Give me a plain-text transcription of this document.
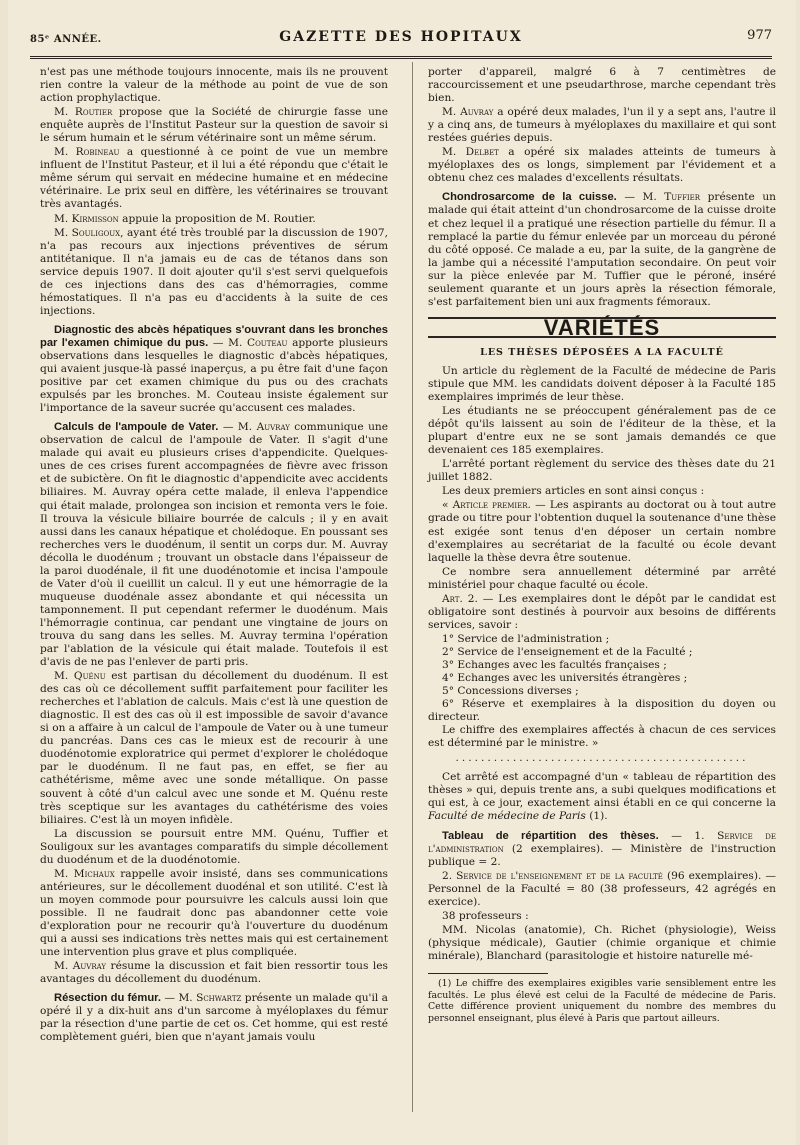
85ᵉ ANNÉE.	GAZETTE DES HOPITAUX	977

n'est pas une méthode toujours innocente, mais ils ne prouvent rien contre la valeur de la méthode au point de vue de son action prophylactique.

M. Routier propose que la Société de chirurgie fasse une enquête auprès de l'Institut Pasteur sur la question de savoir si le sérum humain et le sérum vétérinaire sont un même sérum.

M. Robineau a questionné à ce point de vue un membre influent de l'Institut Pasteur, et il lui a été répondu que c'était le même sérum qui servait en médecine humaine et en médecine vétérinaire. Le prix seul en diffère, les vétérinaires se trouvant très avantagés.

M. Kirmisson appuie la proposition de M. Routier.

M. Souligoux, ayant été très troublé par la discussion de 1907, n'a pas recours aux injections préventives de sérum antitétanique. Il n'a jamais eu de cas de tétanos dans son service depuis 1907. Il doit ajouter qu'il s'est servi quelquefois de ces injections dans des cas d'hémorragies, comme hémostatiques. Il n'a pas eu d'accidents à la suite de ces injections.

Diagnostic des abcès hépatiques s'ouvrant dans les bronches par l'examen chimique du pus. — M. Couteau apporte plusieurs observations dans lesquelles le diagnostic d'abcès hépatiques, qui avaient jusque-là passé inaperçus, a pu être fait d'une façon positive par cet examen chimique du pus ou des crachats expulsés par les bronches. M. Couteau insiste également sur l'importance de la saveur sucrée qu'accusent ces malades.

Calculs de l'ampoule de Vater. — M. Auvray communique une observation de calcul de l'ampoule de Vater. Il s'agit d'une malade qui avait eu plusieurs crises d'appendicite. Quelques-unes de ces crises furent accompagnées de fièvre avec frisson et de subictère. On fit le diagnostic d'appendicite avec accidents biliaires. M. Auvray opéra cette malade, il enleva l'appendice qui était malade, prolongea son incision et remonta vers le foie. Il trouva la vésicule biliaire bourrée de calculs ; il y en avait aussi dans les canaux hépatique et cholédoque. En poussant ses recherches vers le duodénum, il sentit un corps dur. M. Auvray décolla le duodénum ; trouvant un obstacle dans l'épaisseur de la paroi duodénale, il fit une duodénotomie et incisa l'ampoule de Vater d'où il cueillit un calcul. Il y eut une hémorragie de la muqueuse duodénale assez abondante et qui nécessita un tamponnement. Il put cependant refermer le duodénum. Mais l'hémorragie continua, car pendant une vingtaine de jours on trouva du sang dans les selles. M. Auvray termina l'opération par l'ablation de la vésicule qui était malade. Toutefois il est d'avis de ne pas l'enlever de parti pris.

M. Quénu est partisan du décollement du duodénum. Il est des cas où ce décollement suffit parfaitement pour faciliter les recherches et l'ablation de calculs. Mais c'est là une question de diagnostic. Il est des cas où il est impossible de savoir d'avance si on a affaire à un calcul de l'ampoule de Vater ou à une tumeur du pancréas. Dans ces cas le mieux est de recourir à une duodénotomie exploratrice qui permet d'explorer le cholédoque par le duodénum. Il ne faut pas, en effet, se fier au cathétérisme, même avec une sonde métallique. On passe souvent à côté d'un calcul avec une sonde et M. Quénu reste très sceptique sur les avantages du cathétérisme des voies biliaires. C'est là un moyen infidèle.

La discussion se poursuit entre MM. Quénu, Tuffier et Souligoux sur les avantages comparatifs du simple décollement du duodénum et de la duodénotomie.

M. Michaux rappelle avoir insisté, dans ses communications antérieures, sur le décollement duodénal et son utilité. C'est là un moyen commode pour poursuivre les calculs aussi loin que possible. Il ne faudrait donc pas abandonner cette voie d'exploration pour ne recourir qu'à l'ouverture du duodénum qui a aussi ses indications très nettes mais qui est certainement une intervention plus grave et plus compliquée.

M. Auvray résume la discussion et fait bien ressortir tous les avantages du décollement du duodénum.

Résection du fémur. — M. Schwartz présente un malade qu'il a opéré il y a dix-huit ans d'un sarcome à myéloplaxes du fémur par la résection d'une partie de cet os. Cet homme, qui est resté complètement guéri, bien que n'ayant jamais voulu

porter d'appareil, malgré 6 à 7 centimètres de raccourcissement et une pseudarthrose, marche cependant très bien.

M. Auvray a opéré deux malades, l'un il y a sept ans, l'autre il y a cinq ans, de tumeurs à myéloplaxes du maxillaire et qui sont restées guéries depuis.

M. Delbet a opéré six malades atteints de tumeurs à myéloplaxes des os longs, simplement par l'évidement et a obtenu chez ces malades d'excellents résultats.

Chondrosarcome de la cuisse. — M. Tuffier présente un malade qui était atteint d'un chondrosarcome de la cuisse droite et chez lequel il a pratiqué une résection partielle du fémur. Il a remplacé la partie du fémur enlevée par un morceau du péroné du côté opposé. Ce malade a eu, par la suite, de la gangrène de la jambe qui a nécessité l'amputation secondaire. On peut voir sur la pièce enlevée par M. Tuffier que le péroné, inséré seulement quarante et un jours après la résection fémorale, s'est parfaitement bien uni aux fragments fémoraux.

VARIÉTÉS
LES THÈSES DÉPOSÉES A LA FACULTÉ

Un article du règlement de la Faculté de médecine de Paris stipule que MM. les candidats doivent déposer à la Faculté 185 exemplaires imprimés de leur thèse.

Les étudiants ne se préoccupent généralement pas de ce dépôt qu'ils laissent au soin de l'éditeur de la thèse, et la plupart d'entre eux ne se sont jamais demandés ce que devenaient ces 185 exemplaires.

L'arrêté portant règlement du service des thèses date du 21 juillet 1882.

Les deux premiers articles en sont ainsi conçus :

« Article premier. — Les aspirants au doctorat ou à tout autre grade ou titre pour l'obtention duquel la soutenance d'une thèse est exigée sont tenus d'en déposer un certain nombre d'exemplaires au secrétariat de la faculté ou école devant laquelle la thèse devra être soutenue.

Ce nombre sera annuellement déterminé par arrêté ministériel pour chaque faculté ou école.

Art. 2. — Les exemplaires dont le dépôt par le candidat est obligatoire sont destinés à pourvoir aux besoins de différents services, savoir :

1° Service de l'administration ;

2° Service de l'enseignement et de la Faculté ;

3° Echanges avec les facultés françaises ;

4° Echanges avec les universités étrangères ;

5° Concessions diverses ;

6° Réserve et exemplaires à la disposition du doyen ou directeur.

Le chiffre des exemplaires affectés à chacun de ces services est déterminé par le ministre. »

..............................................

Cet arrêté est accompagné d'un « tableau de répartition des thèses » qui, depuis trente ans, a subi quelques modifications et qui est, à ce jour, exactement ainsi établi en ce qui concerne la Faculté de médecine de Paris (1).

Tableau de répartition des thèses. — 1. Service de l'administration (2 exemplaires). — Ministère de l'instruction publique = 2.

2. Service de l'enseignement et de la faculté (96 exemplaires). — Personnel de la Faculté = 80 (38 professeurs, 42 agrégés en exercice).

38 professeurs :

MM. Nicolas (anatomie), Ch. Richet (physiologie), Weiss (physique médicale), Gautier (chimie organique et chimie minérale), Blanchard (parasitologie et histoire naturelle mé-

(1) Le chiffre des exemplaires exigibles varie sensiblement entre les facultés. Le plus élevé est celui de la Faculté de médecine de Paris. Cette différence provient uniquement du nombre des membres du personnel enseignant, plus élevé à Paris que partout ailleurs.
